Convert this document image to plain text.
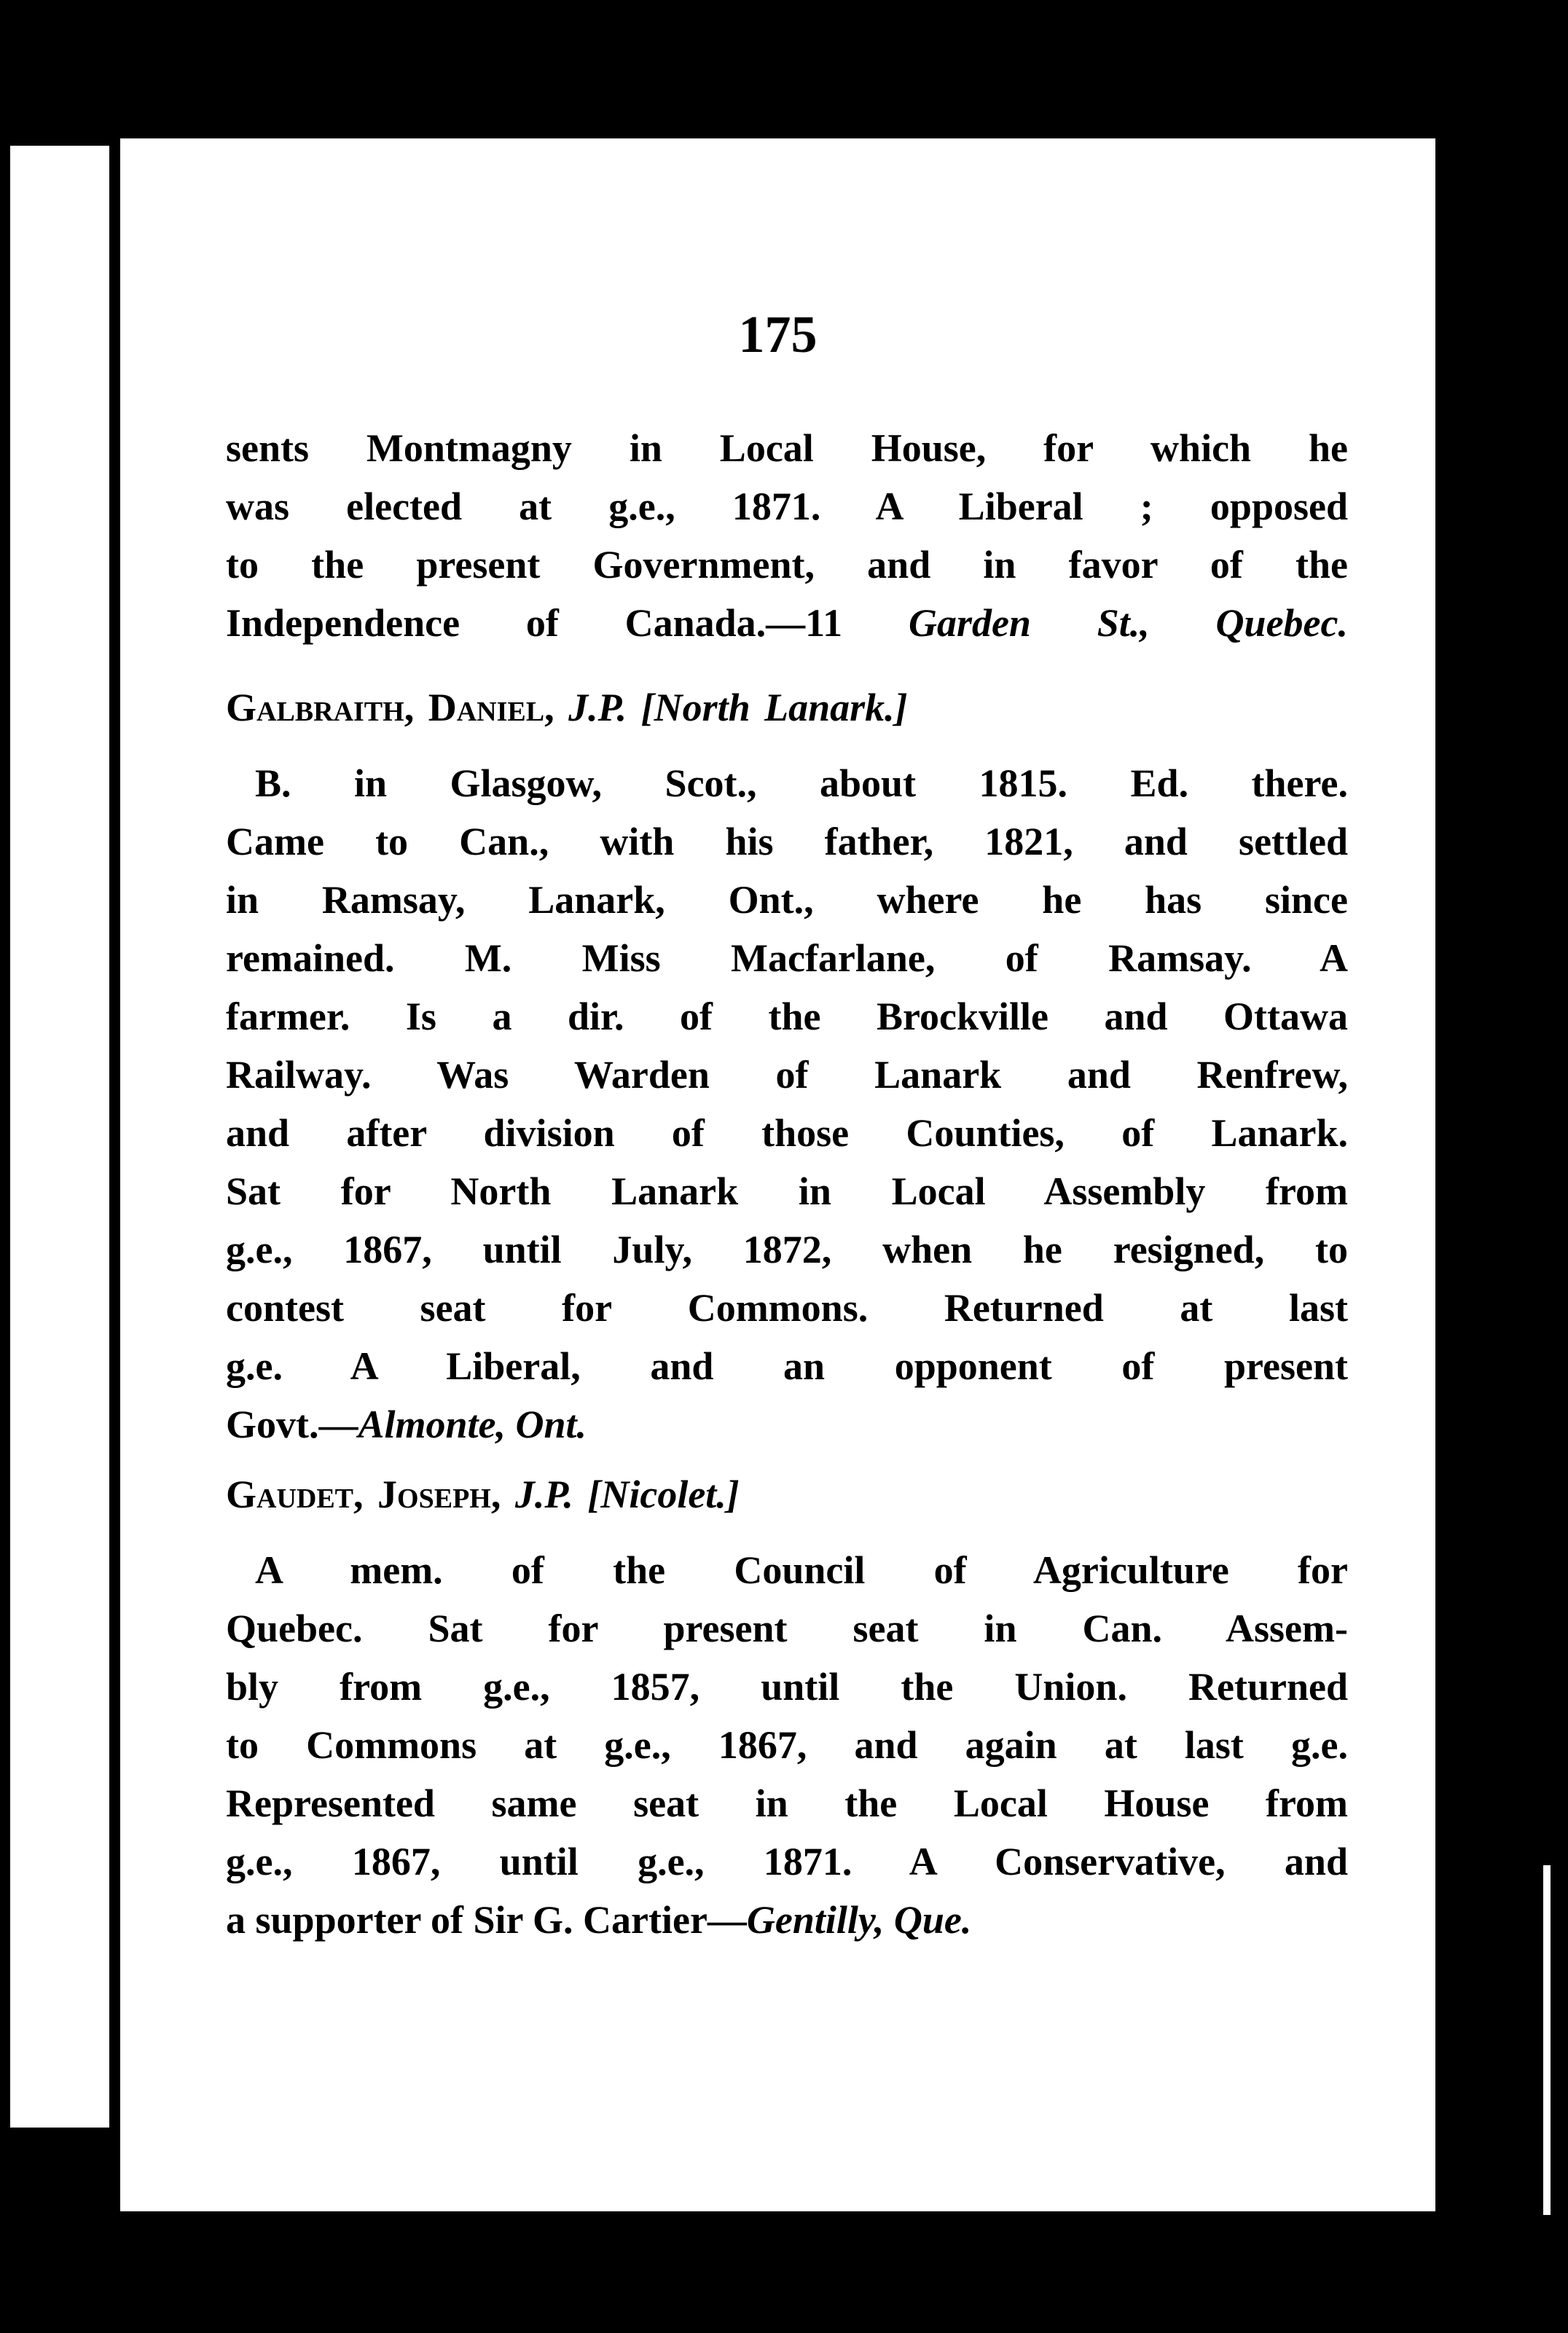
175
sents Montmagny in Local House, for which he
was elected at g.e., 1871. A Liberal ; opposed
to the present Government, and in favor of the
Independence of Canada.—11 Garden St., Quebec.
Galbraith, Daniel, J.P. [North Lanark.]
B. in Glasgow, Scot., about 1815. Ed. there.
Came to Can., with his father, 1821, and settled
in Ramsay, Lanark, Ont., where he has since
remained. M. Miss Macfarlane, of Ramsay. A
farmer. Is a dir. of the Brockville and Ottawa
Railway. Was Warden of Lanark and Renfrew,
and after division of those Counties, of Lanark.
Sat for North Lanark in Local Assembly from
g.e., 1867, until July, 1872, when he resigned, to
contest seat for Commons. Returned at last
g.e. A Liberal, and an opponent of present
Govt.—Almonte, Ont.
Gaudet, Joseph, J.P. [Nicolet.]
A mem. of the Council of Agriculture for
Quebec. Sat for present seat in Can. Assem-
bly from g.e., 1857, until the Union. Returned
to Commons at g.e., 1867, and again at last g.e.
Represented same seat in the Local House from
g.e., 1867, until g.e., 1871. A Conservative, and
a supporter of Sir G. Cartier—Gentilly, Que.
